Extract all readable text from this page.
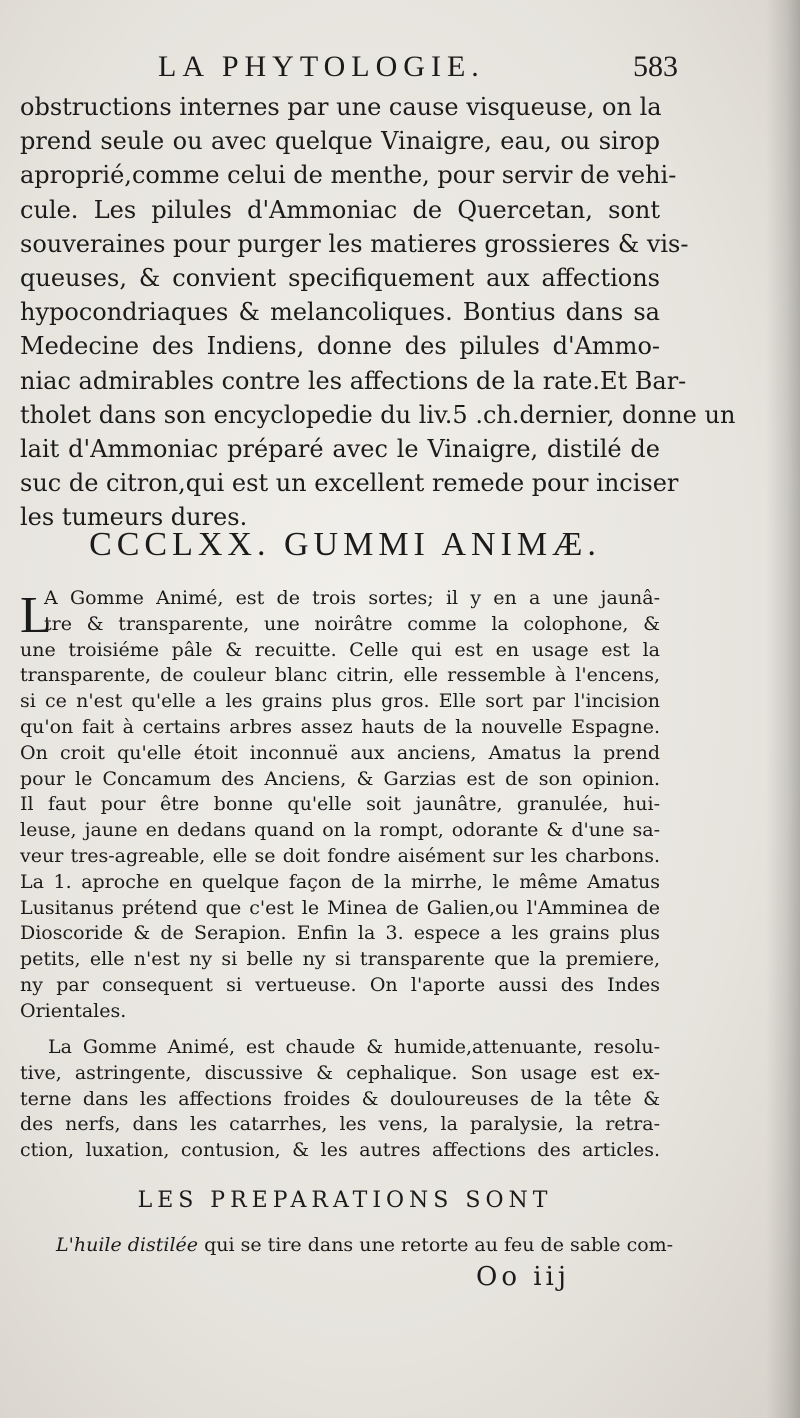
LA PHYTOLOGIE.	583
obstructions internes par une cause visqueuse, on la
prend seule ou avec quelque Vinaigre, eau, ou sirop
aproprié,comme celui de menthe, pour servir de vehi-
cule. Les pilules d'Ammoniac de Quercetan, sont
souveraines pour purger les matieres grossieres & vis-
queuses, & convient specifiquement aux affections
hypocondriaques & melancoliques. Bontius dans sa
Medecine des Indiens, donne des pilules d'Ammo-
niac admirables contre les affections de la rate.Et Bar-
tholet dans son encyclopedie du liv.5 .ch.dernier, donne un
lait d'Ammoniac préparé avec le Vinaigre, distilé de
suc de citron,qui est un excellent remede pour inciser
les tumeurs dures.
CCCLXX. GUMMI ANIMÆ.
L
A Gomme Animé, est de trois sortes; il y en a une jaunâ-
tre & transparente, une noirâtre comme la colophone, &
une troisiéme pâle & recuitte. Celle qui est en usage est la
transparente, de couleur blanc citrin, elle ressemble à l'encens,
si ce n'est qu'elle a les grains plus gros. Elle sort par l'incision
qu'on fait à certains arbres assez hauts de la nouvelle Espagne.
On croit qu'elle étoit inconnuë aux anciens, Amatus la prend
pour le Concamum des Anciens, & Garzias est de son opinion.
Il faut pour être bonne qu'elle soit jaunâtre, granulée, hui-
leuse, jaune en dedans quand on la rompt, odorante & d'une sa-
veur tres-agreable, elle se doit fondre aisément sur les charbons.
La 1. aproche en quelque façon de la mirrhe, le même Amatus
Lusitanus prétend que c'est le Minea de Galien,ou l'Amminea de
Dioscoride & de Serapion. Enfin la 3. espece a les grains plus
petits, elle n'est ny si belle ny si transparente que la premiere,
ny par consequent si vertueuse. On l'aporte aussi des Indes
Orientales.
La Gomme Animé, est chaude & humide,attenuante, resolu-
tive, astringente, discussive & cephalique. Son usage est ex-
terne dans les affections froides & douloureuses de la tête &
des nerfs, dans les catarrhes, les vens, la paralysie, la retra-
ction, luxation, contusion, & les autres affections des articles.
LES PREPARATIONS SONT
L'huile distilée qui se tire dans une retorte au feu de sable com-
Oo iij
